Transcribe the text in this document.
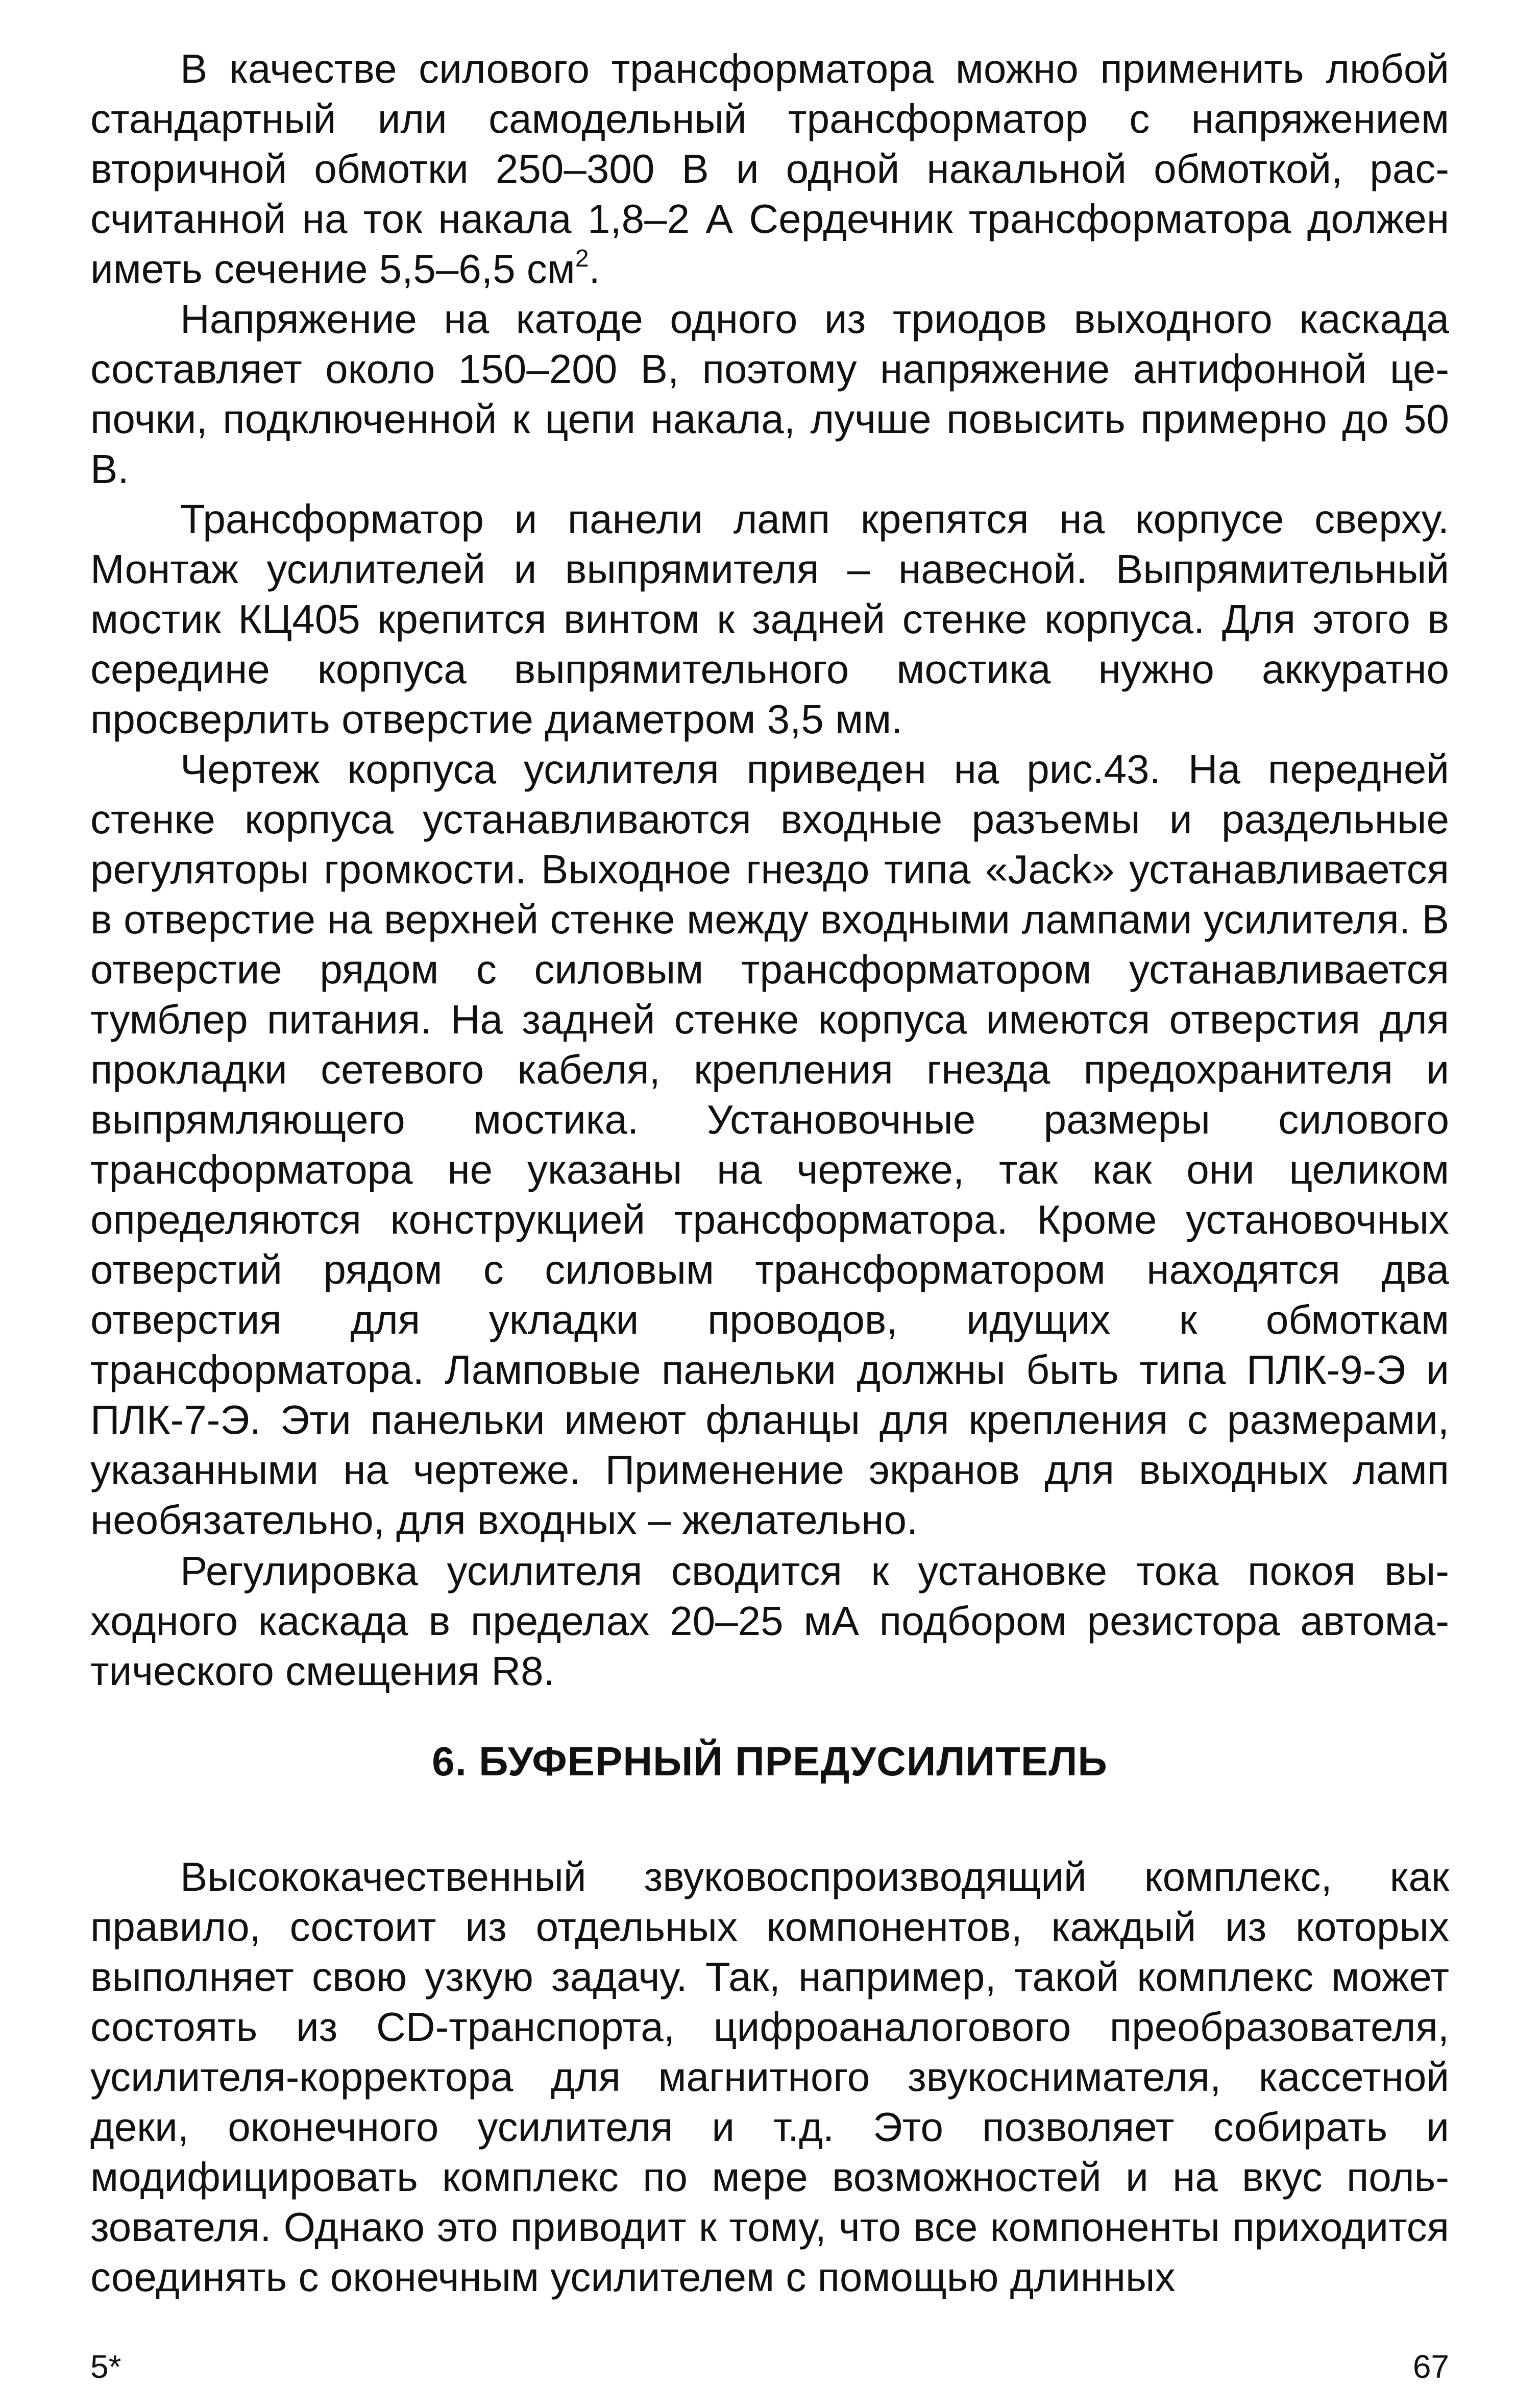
В качестве силового трансформатора можно применить любой стандартный или самодельный трансформатор с напряжением вторичной обмотки 250–300 В и одной накальной обмоткой, рассчитанной на ток накала 1,8–2 А Сердечник трансформатора должен иметь сечение 5,5–6,5 $см^2$.

Напряжение на катоде одного из триодов выходного каскада составляет около 150–200 В, поэтому напряжение антифонной цепочки, подключенной к цепи накала, лучше повысить примерно до 50 В.

Трансформатор и панели ламп крепятся на корпусе сверху. Монтаж усилителей и выпрямителя – навесной. Выпрямительный мостик КЦ405 крепится винтом к задней стенке корпуса. Для этого в середине корпуса выпрямительного мостика нужно аккуратно просверлить отверстие диаметром 3,5 мм.

Чертеж корпуса усилителя приведен на рис.43. На передней стенке корпуса устанавливаются входные разъемы и раздельные регуляторы громкости. Выходное гнездо типа «Jack» устанавливается в отверстие на верхней стенке между входными лампами усилителя. В отверстие рядом с силовым трансформатором устанавливается тумблер питания. На задней стенке корпуса имеются отверстия для прокладки сетевого кабеля, крепления гнезда предохранителя и выпрямляющего мостика. Установочные размеры силового трансформатора не указаны на чертеже, так как они целиком определяются конструкцией трансформатора. Кроме установочных отверстий рядом с силовым трансформатором находятся два отверстия для укладки проводов, идущих к обмоткам трансформатора. Ламповые панельки должны быть типа ПЛК-9-Э и ПЛК-7-Э. Эти панельки имеют фланцы для крепления с размерами, указанными на чертеже. Применение экранов для выходных ламп необязательно, для входных – желательно.

Регулировка усилителя сводится к установке тока покоя выходного каскада в пределах 20–25 мА подбором резистора автоматического смещения R8.

6. БУФЕРНЫЙ ПРЕДУСИЛИТЕЛЬ

Высококачественный звуковоспроизводящий комплекс, как правило, состоит из отдельных компонентов, каждый из которых выполняет свою узкую задачу. Так, например, такой комплекс может состоять из CD-транспорта, цифроаналогового преобразователя, усилителя-корректора для магнитного звукоснимателя, кассетной деки, оконечного усилителя и т.д. Это позволяет собирать и модифицировать комплекс по мере возможностей и на вкус пользователя. Однако это приводит к тому, что все компоненты приходится соединять с оконечным усилителем с помощью длинных

5*	67
